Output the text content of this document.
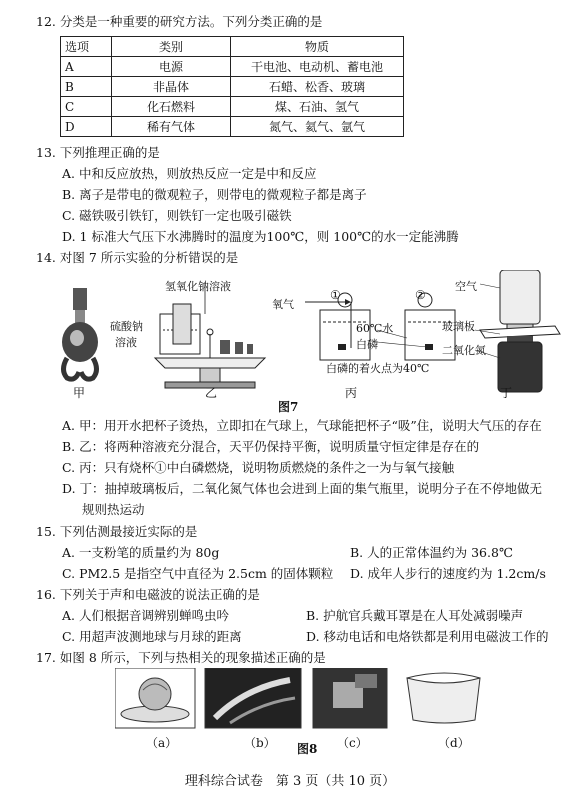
12. 分类是一种重要的研究方法。下列分类正确的是
选项	类别	物质
A	电源	干电池、电动机、蓄电池
B	非晶体	石蜡、松香、玻璃
C	化石燃料	煤、石油、氢气
D	稀有气体	氮气、氦气、氩气
13. 下列推理正确的是
A. 中和反应放热，则放热反应一定是中和反应
B. 离子是带电的微观粒子，则带电的微观粒子都是离子
C. 磁铁吸引铁钉，则铁钉一定也吸引磁铁
D. 1 标准大气压下水沸腾时的温度为100℃，则 100℃的水一定能沸腾
14. 对图 7 所示实验的分析错误的是
氢氧化钠溶液
硫酸钠
溶液
氧气
①	②
60℃水
白磷
白磷的着火点为40℃
空气
玻璃板
二氧化氮
甲	乙	丙	丁
图7
A. 甲：用开水把杯子烫热，立即扣在气球上，气球能把杯子“吸”住，说明大气压的存在
B. 乙：将两种溶液充分混合，天平仍保持平衡，说明质量守恒定律是存在的
C. 丙：只有烧杯①中白磷燃烧，说明物质燃烧的条件之一为与氧气接触
D. 丁：抽掉玻璃板后，二氧化氮气体也会进到上面的集气瓶里，说明分子在不停地做无
规则热运动
15. 下列估测最接近实际的是
A. 一支粉笔的质量约为 80g	B. 人的正常体温约为 36.8℃
C. PM2.5 是指空气中直径为 2.5cm 的固体颗粒 D. 成年人步行的速度约为 1.2cm/s
16. 下列关于声和电磁波的说法正确的是
A. 人们根据音调辨别蝉鸣虫吟	B. 护航官兵戴耳罩是在人耳处减弱噪声
C. 用超声波测地球与月球的距离	D. 移动电话和电烙铁都是利用电磁波工作的
17. 如图 8 所示，下列与热相关的现象描述正确的是
（a）	（b）	（c）	（d）
图8
理科综合试卷　第 3 页（共 10 页）
